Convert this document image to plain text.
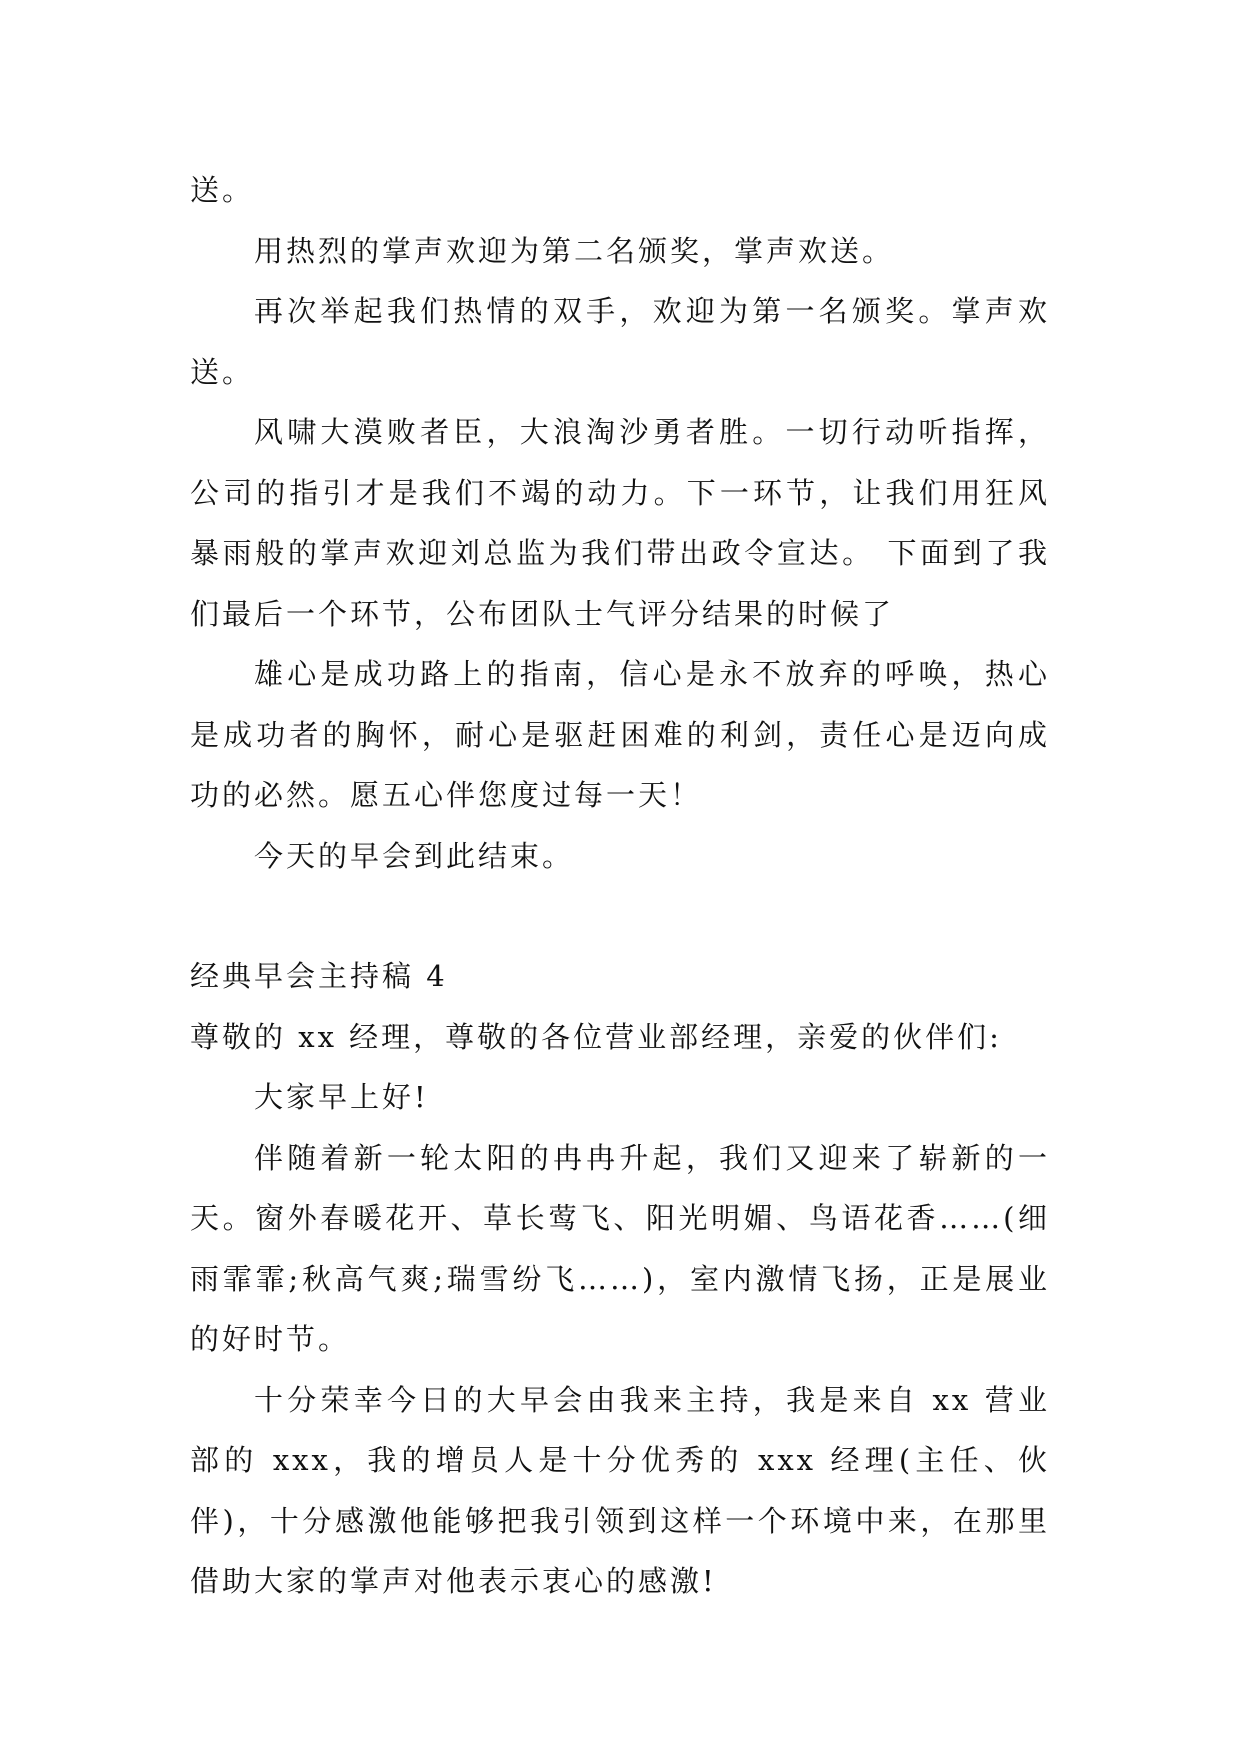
送。

用热烈的掌声欢迎为第二名颁奖，掌声欢送。

再次举起我们热情的双手，欢迎为第一名颁奖。掌声欢送。

风啸大漠败者臣，大浪淘沙勇者胜。一切行动听指挥，公司的指引才是我们不竭的动力。下一环节，让我们用狂风暴雨般的掌声欢迎刘总监为我们带出政令宣达。 下面到了我们最后一个环节，公布团队士气评分结果的时候了

雄心是成功路上的指南，信心是永不放弃的呼唤，热心是成功者的胸怀，耐心是驱赶困难的利剑，责任心是迈向成功的必然。愿五心伴您度过每一天！

今天的早会到此结束。

经典早会主持稿 4

尊敬的 xx 经理，尊敬的各位营业部经理，亲爱的伙伴们:

大家早上好!

伴随着新一轮太阳的冉冉升起，我们又迎来了崭新的一天。窗外春暖花开、草长莺飞、阳光明媚、鸟语花香……(细雨霏霏;秋高气爽;瑞雪纷飞……)，室内激情飞扬，正是展业的好时节。

十分荣幸今日的大早会由我来主持，我是来自 xx 营业部的 xxx，我的增员人是十分优秀的 xxx 经理(主任、伙伴)，十分感激他能够把我引领到这样一个环境中来，在那里借助大家的掌声对他表示衷心的感激!
